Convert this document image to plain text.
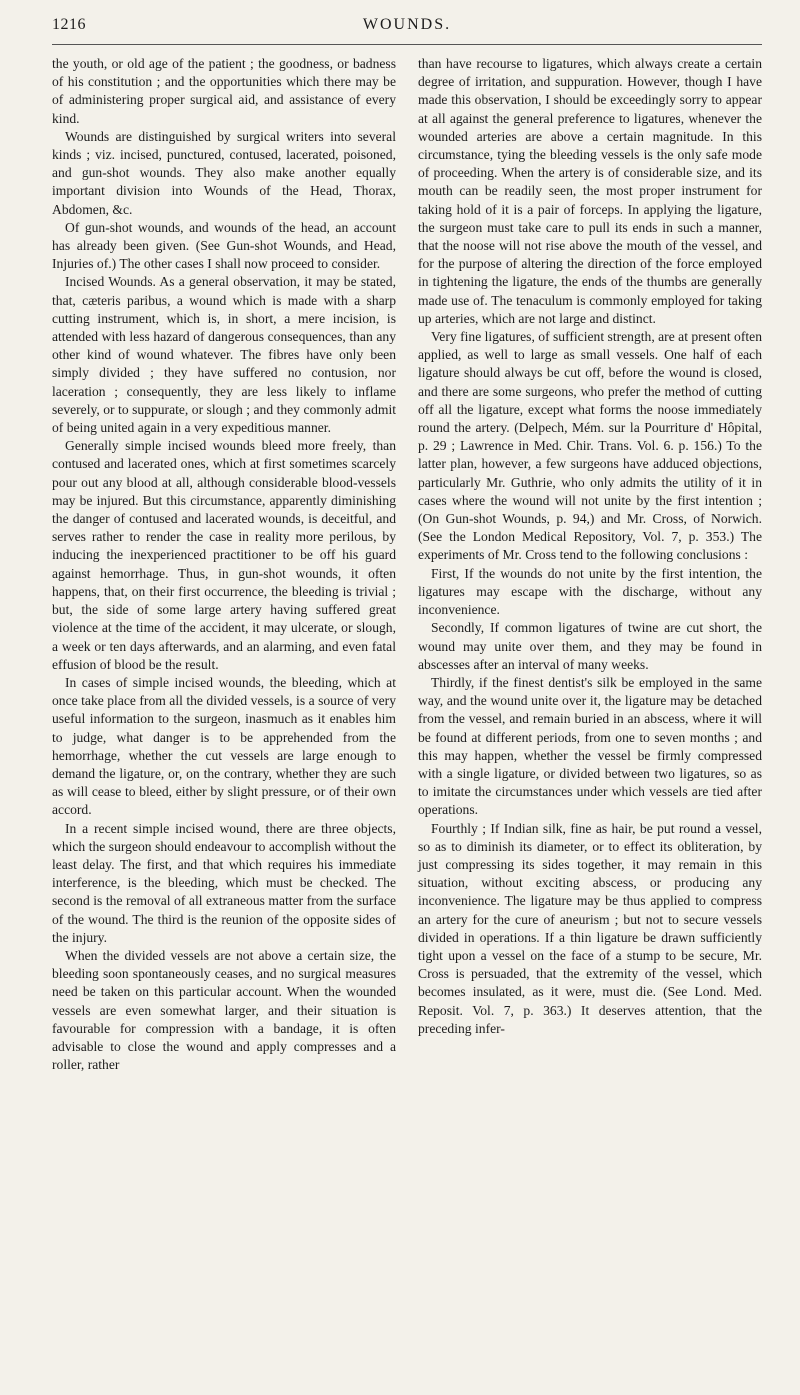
1216	WOUNDS.

the youth, or old age of the patient ; the goodness, or badness of his constitution ; and the opportunities which there may be of administering proper surgical aid, and assistance of every kind.

Wounds are distinguished by surgical writers into several kinds ; viz. incised, punctured, contused, lacerated, poisoned, and gun-shot wounds. They also make another equally important division into Wounds of the Head, Thorax, Abdomen, &c.

Of gun-shot wounds, and wounds of the head, an account has already been given. (See Gun-shot Wounds, and Head, Injuries of.) The other cases I shall now proceed to consider.

Incised Wounds. As a general observation, it may be stated, that, cæteris paribus, a wound which is made with a sharp cutting instrument, which is, in short, a mere incision, is attended with less hazard of dangerous consequences, than any other kind of wound whatever. The fibres have only been simply divided ; they have suffered no contusion, nor laceration ; consequently, they are less likely to inflame severely, or to suppurate, or slough ; and they commonly admit of being united again in a very expeditious manner.

Generally simple incised wounds bleed more freely, than contused and lacerated ones, which at first sometimes scarcely pour out any blood at all, although considerable blood-vessels may be injured. But this circumstance, apparently diminishing the danger of contused and lacerated wounds, is deceitful, and serves rather to render the case in reality more perilous, by inducing the inexperienced practitioner to be off his guard against hemorrhage. Thus, in gun-shot wounds, it often happens, that, on their first occurrence, the bleeding is trivial ; but, the side of some large artery having suffered great violence at the time of the accident, it may ulcerate, or slough, a week or ten days afterwards, and an alarming, and even fatal effusion of blood be the result.

In cases of simple incised wounds, the bleeding, which at once take place from all the divided vessels, is a source of very useful information to the surgeon, inasmuch as it enables him to judge, what danger is to be apprehended from the hemorrhage, whether the cut vessels are large enough to demand the ligature, or, on the contrary, whether they are such as will cease to bleed, either by slight pressure, or of their own accord.

In a recent simple incised wound, there are three objects, which the surgeon should endeavour to accomplish without the least delay. The first, and that which requires his immediate interference, is the bleeding, which must be checked. The second is the removal of all extraneous matter from the surface of the wound. The third is the reunion of the opposite sides of the injury.

When the divided vessels are not above a certain size, the bleeding soon spontaneously ceases, and no surgical measures need be taken on this particular account. When the wounded vessels are even somewhat larger, and their situation is favourable for compression with a bandage, it is often advisable to close the wound and apply compresses and a roller, rather

than have recourse to ligatures, which always create a certain degree of irritation, and suppuration. However, though I have made this observation, I should be exceedingly sorry to appear at all against the general preference to ligatures, whenever the wounded arteries are above a certain magnitude. In this circumstance, tying the bleeding vessels is the only safe mode of proceeding. When the artery is of considerable size, and its mouth can be readily seen, the most proper instrument for taking hold of it is a pair of forceps. In applying the ligature, the surgeon must take care to pull its ends in such a manner, that the noose will not rise above the mouth of the vessel, and for the purpose of altering the direction of the force employed in tightening the ligature, the ends of the thumbs are generally made use of. The tenaculum is commonly employed for taking up arteries, which are not large and distinct.

Very fine ligatures, of sufficient strength, are at present often applied, as well to large as small vessels. One half of each ligature should always be cut off, before the wound is closed, and there are some surgeons, who prefer the method of cutting off all the ligature, except what forms the noose immediately round the artery. (Delpech, Mém. sur la Pourriture d' Hôpital, p. 29 ; Lawrence in Med. Chir. Trans. Vol. 6. p. 156.) To the latter plan, however, a few surgeons have adduced objections, particularly Mr. Guthrie, who only admits the utility of it in cases where the wound will not unite by the first intention ; (On Gun-shot Wounds, p. 94,) and Mr. Cross, of Norwich. (See the London Medical Repository, Vol. 7, p. 353.) The experiments of Mr. Cross tend to the following conclusions :

First, If the wounds do not unite by the first intention, the ligatures may escape with the discharge, without any inconvenience.

Secondly, If common ligatures of twine are cut short, the wound may unite over them, and they may be found in abscesses after an interval of many weeks.

Thirdly, if the finest dentist's silk be employed in the same way, and the wound unite over it, the ligature may be detached from the vessel, and remain buried in an abscess, where it will be found at different periods, from one to seven months ; and this may happen, whether the vessel be firmly compressed with a single ligature, or divided between two ligatures, so as to imitate the circumstances under which vessels are tied after operations.

Fourthly ; If Indian silk, fine as hair, be put round a vessel, so as to diminish its diameter, or to effect its obliteration, by just compressing its sides together, it may remain in this situation, without exciting abscess, or producing any inconvenience. The ligature may be thus applied to compress an artery for the cure of aneurism ; but not to secure vessels divided in operations. If a thin ligature be drawn sufficiently tight upon a vessel on the face of a stump to be secure, Mr. Cross is persuaded, that the extremity of the vessel, which becomes insulated, as it were, must die. (See Lond. Med. Reposit. Vol. 7, p. 363.) It deserves attention, that the preceding infer-
